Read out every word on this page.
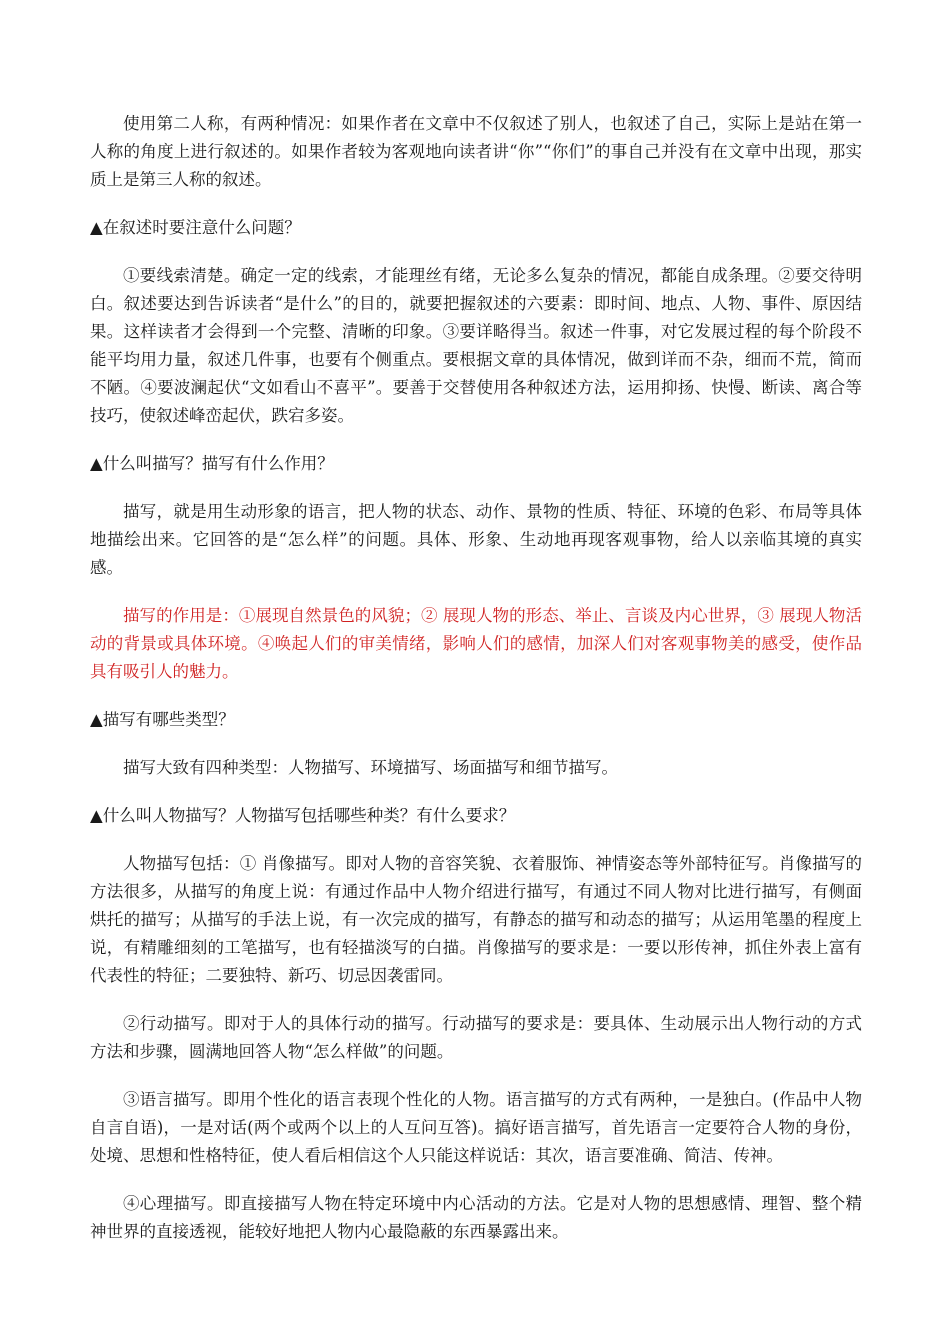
使用第二人称，有两种情况：如果作者在文章中不仅叙述了别人，也叙述了自己，实际上是站在第一人称的角度上进行叙述的。如果作者较为客观地向读者讲“你”“你们”的事自己并没有在文章中出现，那实质上是第三人称的叙述。

▲在叙述时要注意什么问题？

①要线索清楚。确定一定的线索，才能理丝有绪，无论多么复杂的情况，都能自成条理。②要交待明白。叙述要达到告诉读者“是什么”的目的，就要把握叙述的六要素：即时间、地点、人物、事件、原因结果。这样读者才会得到一个完整、清晰的印象。③要详略得当。叙述一件事，对它发展过程的每个阶段不能平均用力量，叙述几件事，也要有个侧重点。要根据文章的具体情况，做到详而不杂，细而不荒，简而不陋。④要波澜起伏“文如看山不喜平”。要善于交替使用各种叙述方法，运用抑扬、快慢、断读、离合等技巧，使叙述峰峦起伏，跌宕多姿。

▲什么叫描写？描写有什么作用？

描写，就是用生动形象的语言，把人物的状态、动作、景物的性质、特征、环境的色彩、布局等具体地描绘出来。它回答的是“怎么样”的问题。具体、形象、生动地再现客观事物，给人以亲临其境的真实感。

描写的作用是：①展现自然景色的风貌；② 展现人物的形态、举止、言谈及内心世界，③ 展现人物活动的背景或具体环境。④唤起人们的审美情绪，影响人们的感情，加深人们对客观事物美的感受，使作品具有吸引人的魅力。

▲描写有哪些类型？

描写大致有四种类型：人物描写、环境描写、场面描写和细节描写。

▲什么叫人物描写？人物描写包括哪些种类？有什么要求？

人物描写包括：① 肖像描写。即对人物的音容笑貌、衣着服饰、神情姿态等外部特征写。肖像描写的方法很多，从描写的角度上说：有通过作品中人物介绍进行描写，有通过不同人物对比进行描写，有侧面烘托的描写；从描写的手法上说，有一次完成的描写，有静态的描写和动态的描写；从运用笔墨的程度上说，有精雕细刻的工笔描写，也有轻描淡写的白描。肖像描写的要求是：一要以形传神，抓住外表上富有代表性的特征；二要独特、新巧、切忌因袭雷同。

②行动描写。即对于人的具体行动的描写。行动描写的要求是：要具体、生动展示出人物行动的方式方法和步骤，圆满地回答人物“怎么样做”的问题。

③语言描写。即用个性化的语言表现个性化的人物。语言描写的方式有两种，一是独白。(作品中人物自言自语)，一是对话(两个或两个以上的人互问互答)。搞好语言描写，首先语言一定要符合人物的身份，处境、思想和性格特征，使人看后相信这个人只能这样说话：其次，语言要准确、简洁、传神。

④心理描写。即直接描写人物在特定环境中内心活动的方法。它是对人物的思想感情、理智、整个精神世界的直接透视，能较好地把人物内心最隐蔽的东西暴露出来。
